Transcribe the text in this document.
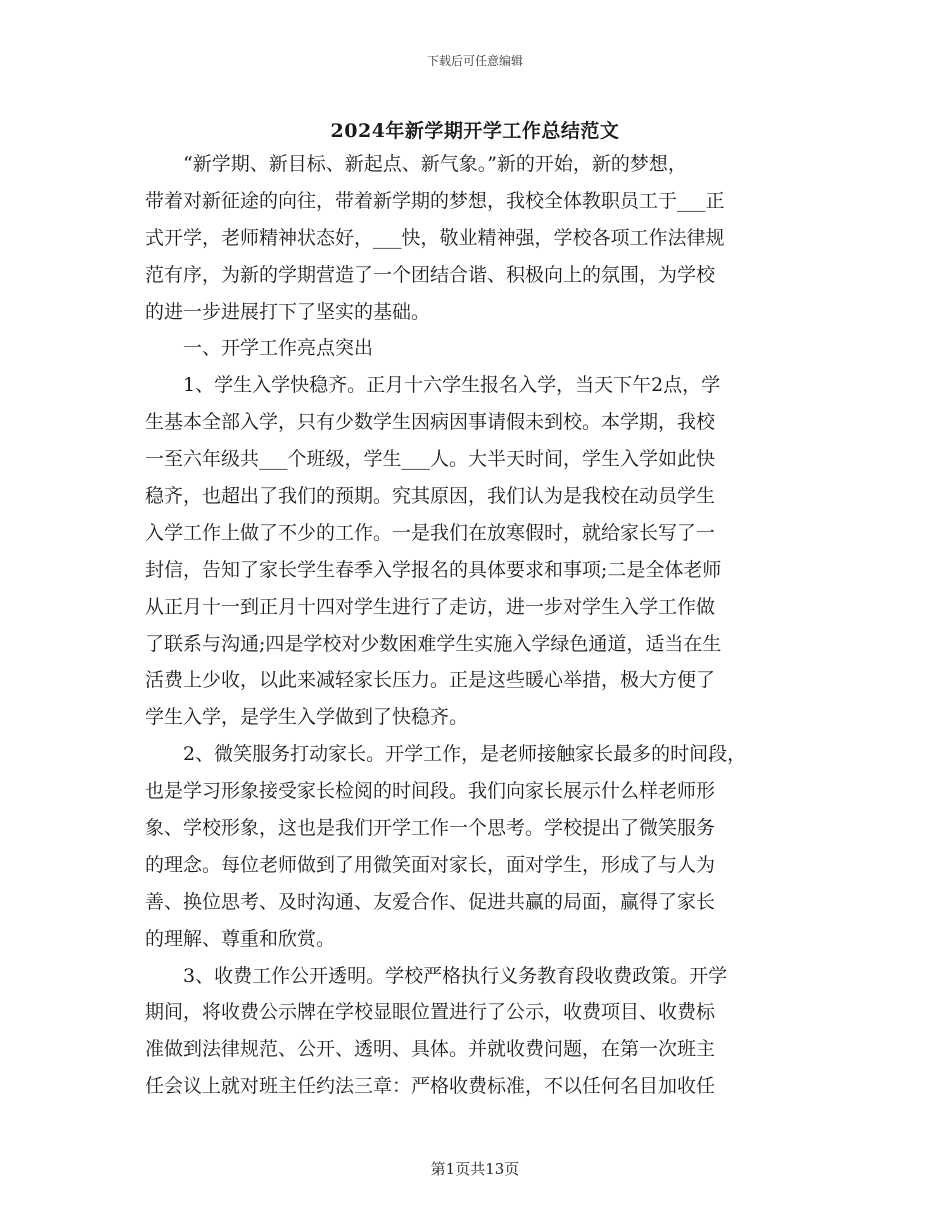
下载后可任意编辑
2024年新学期开学工作总结范文
“新学期、新目标、新起点、新气象。”新的开始，新的梦想，
带着对新征途的向往，带着新学期的梦想，我校全体教职员工于___正
式开学，老师精神状态好，___快，敬业精神强，学校各项工作法律规
范有序，为新的学期营造了一个团结合谐、积极向上的氛围，为学校
的进一步进展打下了坚实的基础。
一、开学工作亮点突出
1、学生入学快稳齐。正月十六学生报名入学，当天下午2点，学
生基本全部入学，只有少数学生因病因事请假未到校。本学期，我校
一至六年级共___个班级，学生___人。大半天时间，学生入学如此快
稳齐，也超出了我们的预期。究其原因，我们认为是我校在动员学生
入学工作上做了不少的工作。一是我们在放寒假时，就给家长写了一
封信，告知了家长学生春季入学报名的具体要求和事项;二是全体老师
从正月十一到正月十四对学生进行了走访，进一步对学生入学工作做
了联系与沟通;四是学校对少数困难学生实施入学绿色通道，适当在生
活费上少收，以此来减轻家长压力。正是这些暖心举措，极大方便了
学生入学，是学生入学做到了快稳齐。
2、微笑服务打动家长。开学工作，是老师接触家长最多的时间段，
也是学习形象接受家长检阅的时间段。我们向家长展示什么样老师形
象、学校形象，这也是我们开学工作一个思考。学校提出了微笑服务
的理念。每位老师做到了用微笑面对家长，面对学生，形成了与人为
善、换位思考、及时沟通、友爱合作、促进共赢的局面，赢得了家长
的理解、尊重和欣赏。
3、收费工作公开透明。学校严格执行义务教育段收费政策。开学
期间，将收费公示牌在学校显眼位置进行了公示，收费项目、收费标
准做到法律规范、公开、透明、具体。并就收费问题，在第一次班主
任会议上就对班主任约法三章：严格收费标准，不以任何名目加收任
第1页共13页
